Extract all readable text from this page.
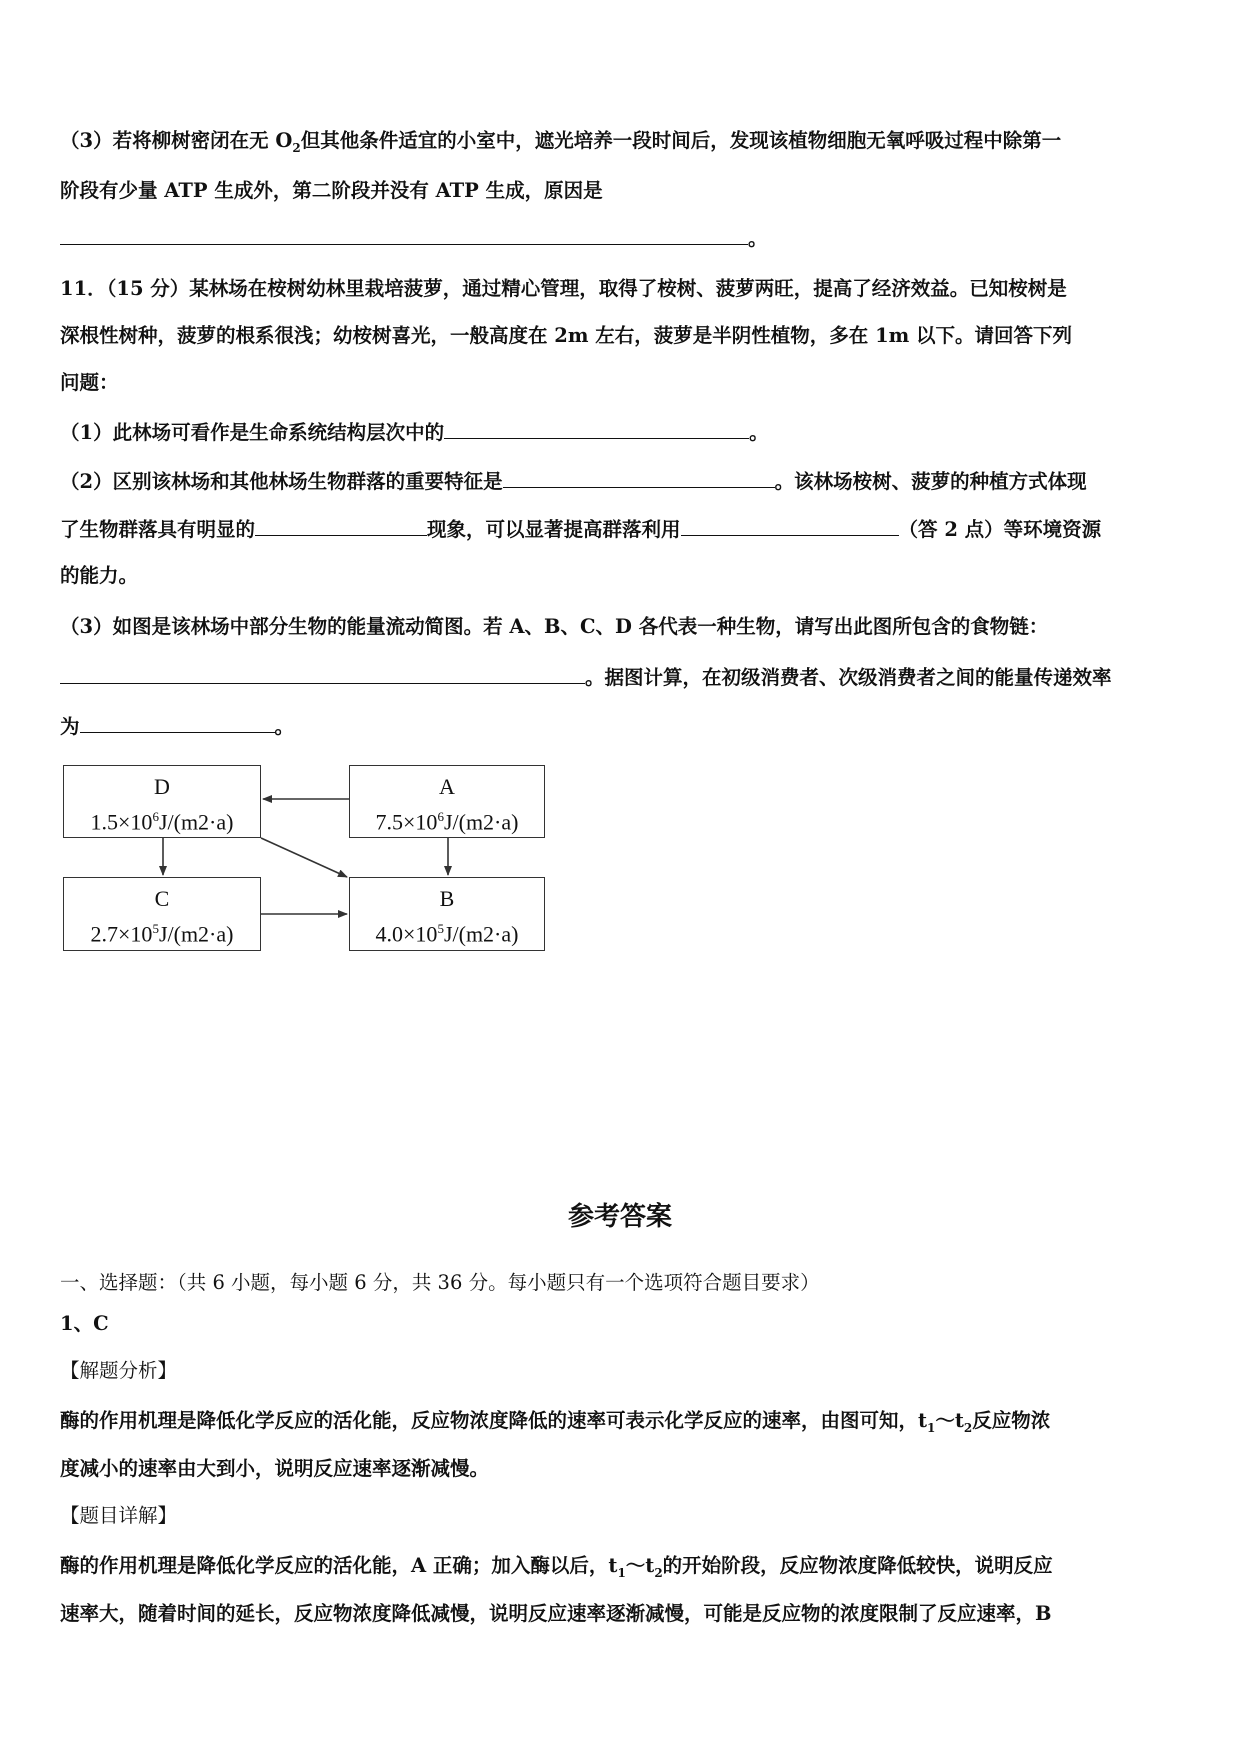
（3）若将柳树密闭在无 $O_2$但其他条件适宜的小室中，遮光培养一段时间后，发现该植物细胞无氧呼吸过程中除第一
阶段有少量 ATP 生成外，第二阶段并没有 ATP 生成，原因是
。
11．（15 分）某林场在桉树幼林里栽培菠萝，通过精心管理，取得了桉树、菠萝两旺，提高了经济效益。已知桉树是
深根性树种，菠萝的根系很浅；幼桉树喜光，一般高度在 2m 左右，菠萝是半阴性植物，多在 1m 以下。请回答下列
问题：
（1）此林场可看作是生命系统结构层次中的	。
（2）区别该林场和其他林场生物群落的重要特征是	。该林场桉树、菠萝的种植方式体现
了生物群落具有明显的	现象，可以显著提高群落利用	（答 2 点）等环境资源
的能力。
（3）如图是该林场中部分生物的能量流动简图。若 A、B、C、D 各代表一种生物，请写出此图所包含的食物链：
。据图计算，在初级消费者、次级消费者之间的能量传递效率
为	。
D
$1.5\times 10^6J/(m2\cdot a)$
A
$7.5\times 10^6J/(m2\cdot a)$
C
$2.7\times 10^5J/(m2\cdot a)$
B
$4.0\times 10^5J/(m2\cdot a)$
参考答案
一、选择题：（共 6 小题，每小题 6 分，共 36 分。每小题只有一个选项符合题目要求）
1、C
【解题分析】
酶的作用机理是降低化学反应的活化能，反应物浓度降低的速率可表示化学反应的速率，由图可知，$t_1\sim t_2$反应物浓
度减小的速率由大到小，说明反应速率逐渐减慢。
【题目详解】
酶的作用机理是降低化学反应的活化能，A 正确；加入酶以后，$t_1\sim t_2$的开始阶段，反应物浓度降低较快，说明反应
速率大，随着时间的延长，反应物浓度降低减慢，说明反应速率逐渐减慢，可能是反应物的浓度限制了反应速率，B
